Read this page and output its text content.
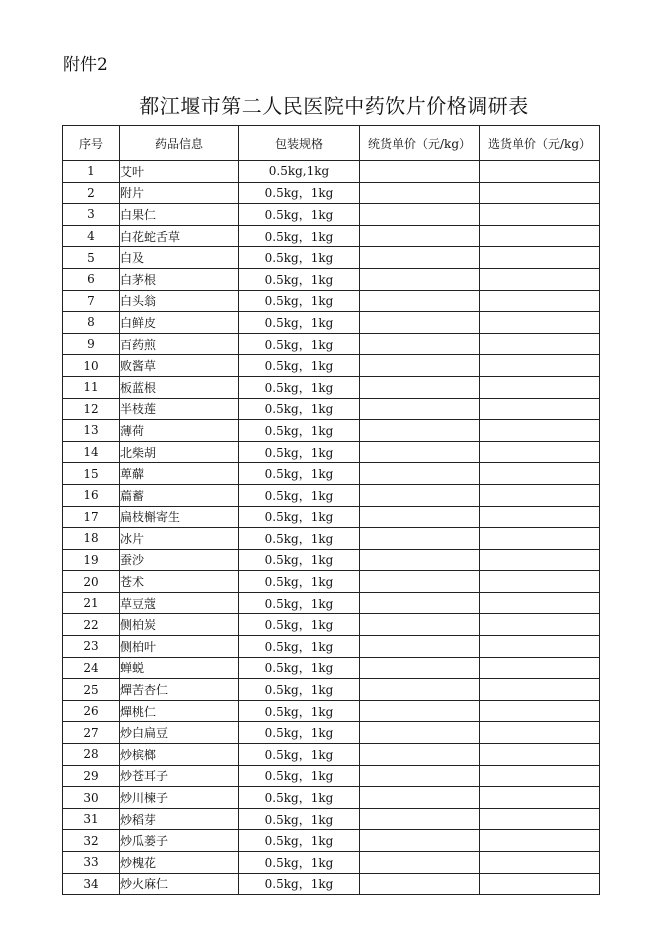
附件2
都江堰市第二人民医院中药饮片价格调研表
序号	药品信息	包装规格	统货单价（元/kg）	选货单价（元/kg）
1	艾叶	0.5kg,1kg		
2	附片	0.5kg，1kg		
3	白果仁	0.5kg，1kg		
4	白花蛇舌草	0.5kg，1kg		
5	白及	0.5kg，1kg		
6	白茅根	0.5kg，1kg		
7	白头翁	0.5kg，1kg		
8	白鲜皮	0.5kg，1kg		
9	百药煎	0.5kg，1kg		
10	败酱草	0.5kg，1kg		
11	板蓝根	0.5kg，1kg		
12	半枝莲	0.5kg，1kg		
13	薄荷	0.5kg，1kg		
14	北柴胡	0.5kg，1kg		
15	萆薢	0.5kg，1kg		
16	萹蓄	0.5kg，1kg		
17	扁枝槲寄生	0.5kg，1kg		
18	冰片	0.5kg，1kg		
19	蚕沙	0.5kg，1kg		
20	苍术	0.5kg，1kg		
21	草豆蔻	0.5kg，1kg		
22	侧柏炭	0.5kg，1kg		
23	侧柏叶	0.5kg，1kg		
24	蝉蜕	0.5kg，1kg		
25	燀苦杏仁	0.5kg，1kg		
26	燀桃仁	0.5kg，1kg		
27	炒白扁豆	0.5kg，1kg		
28	炒槟榔	0.5kg，1kg		
29	炒苍耳子	0.5kg，1kg		
30	炒川楝子	0.5kg，1kg		
31	炒稻芽	0.5kg，1kg		
32	炒瓜蒌子	0.5kg，1kg		
33	炒槐花	0.5kg，1kg		
34	炒火麻仁	0.5kg，1kg		
